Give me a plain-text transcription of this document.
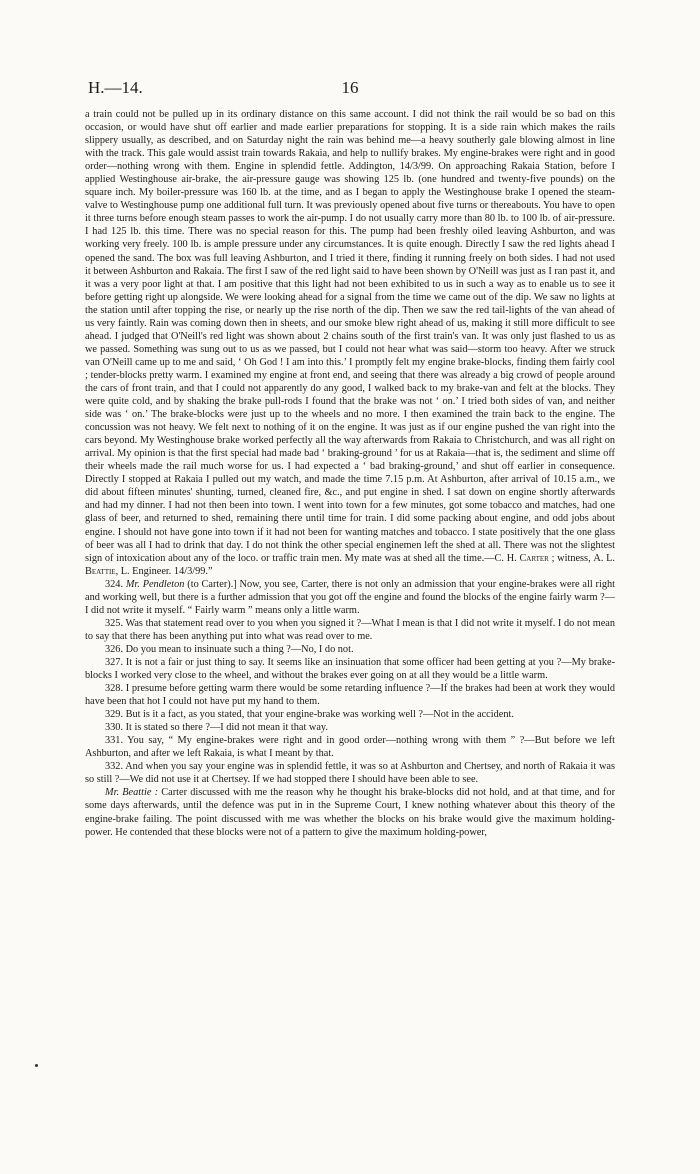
H.—14.	16

a train could not be pulled up in its ordinary distance on this same account. I did not think the rail would be so bad on this occasion, or would have shut off earlier and made earlier preparations for stopping. It is a side rain which makes the rails slippery usually, as described, and on Saturday night the rain was behind me—a heavy southerly gale blowing almost in line with the track. This gale would assist train towards Rakaia, and help to nullify brakes. My engine-brakes were right and in good order—nothing wrong with them. Engine in splendid fettle. Addington, 14/3/99. On approaching Rakaia Station, before I applied Westinghouse air-brake, the air-pressure gauge was showing 125 lb. (one hundred and twenty-five pounds) on the square inch. My boiler-pressure was 160 lb. at the time, and as I began to apply the Westinghouse brake I opened the steam-valve to Westinghouse pump one additional full turn. It was previously opened about five turns or thereabouts. You have to open it three turns before enough steam passes to work the air-pump. I do not usually carry more than 80 lb. to 100 lb. of air-pressure. I had 125 lb. this time. There was no special reason for this. The pump had been freshly oiled leaving Ashburton, and was working very freely. 100 lb. is ample pressure under any circumstances. It is quite enough. Directly I saw the red lights ahead I opened the sand. The box was full leaving Ashburton, and I tried it there, finding it running freely on both sides. I had not used it between Ashburton and Rakaia. The first I saw of the red light said to have been shown by O'Neill was just as I ran past it, and it was a very poor light at that. I am positive that this light had not been exhibited to us in such a way as to enable us to see it before getting right up alongside. We were looking ahead for a signal from the time we came out of the dip. We saw no lights at the station until after topping the rise, or nearly up the rise north of the dip. Then we saw the red tail-lights of the van ahead of us very faintly. Rain was coming down then in sheets, and our smoke blew right ahead of us, making it still more difficult to see ahead. I judged that O'Neill's red light was shown about 2 chains south of the first train's van. It was only just flashed to us as we passed. Something was sung out to us as we passed, but I could not hear what was said—storm too heavy. After we struck van O'Neill came up to me and said, ‘ Oh God ! I am into this.’ I promptly felt my engine brake-blocks, finding them fairly cool ; tender-blocks pretty warm. I examined my engine at front end, and seeing that there was already a big crowd of people around the cars of front train, and that I could not apparently do any good, I walked back to my brake-van and felt at the blocks. They were quite cold, and by shaking the brake pull-rods I found that the brake was not ‘ on.’ I tried both sides of van, and neither side was ‘ on.’ The brake-blocks were just up to the wheels and no more. I then examined the train back to the engine. The concussion was not heavy. We felt next to nothing of it on the engine. It was just as if our engine pushed the van right into the cars beyond. My Westinghouse brake worked perfectly all the way afterwards from Rakaia to Christchurch, and was all right on arrival. My opinion is that the first special had made bad ‘ braking-ground ’ for us at Rakaia—that is, the sediment and slime off their wheels made the rail much worse for us. I had expected a ‘ bad braking-ground,’ and shut off earlier in consequence. Directly I stopped at Rakaia I pulled out my watch, and made the time 7.15 p.m. At Ashburton, after arrival of 10.15 a.m., we did about fifteen minutes' shunting, turned, cleaned fire, &c., and put engine in shed. I sat down on engine shortly afterwards and had my dinner. I had not then been into town. I went into town for a few minutes, got some tobacco and matches, had one glass of beer, and returned to shed, remaining there until time for train. I did some packing about engine, and odd jobs about engine. I should not have gone into town if it had not been for wanting matches and tobacco. I state positively that the one glass of beer was all I had to drink that day. I do not think the other special enginemen left the shed at all. There was not the slightest sign of intoxication about any of the loco. or traffic train men. My mate was at shed all the time.—C. H. Carter ; witness, A. L. Beattie, L. Engineer. 14/3/99.”

324. Mr. Pendleton (to Carter).] Now, you see, Carter, there is not only an admission that your engine-brakes were all right and working well, but there is a further admission that you got off the engine and found the blocks of the engine fairly warm ?—I did not write it myself. “ Fairly warm ” means only a little warm.

325. Was that statement read over to you when you signed it ?—What I mean is that I did not write it myself. I do not mean to say that there has been anything put into what was read over to me.

326. Do you mean to insinuate such a thing ?—No, I do not.

327. It is not a fair or just thing to say. It seems like an insinuation that some officer had been getting at you ?—My brake-blocks I worked very close to the wheel, and without the brakes ever going on at all they would be a little warm.

328. I presume before getting warm there would be some retarding influence ?—If the brakes had been at work they would have been that hot I could not have put my hand to them.

329. But is it a fact, as you stated, that your engine-brake was working well ?—Not in the accident.

330. It is stated so there ?—I did not mean it that way.

331. You say, “ My engine-brakes were right and in good order—nothing wrong with them ” ?—But before we left Ashburton, and after we left Rakaia, is what I meant by that.

332. And when you say your engine was in splendid fettle, it was so at Ashburton and Chertsey, and north of Rakaia it was so still ?—We did not use it at Chertsey. If we had stopped there I should have been able to see.

Mr. Beattie : Carter discussed with me the reason why he thought his brake-blocks did not hold, and at that time, and for some days afterwards, until the defence was put in in the Supreme Court, I knew nothing whatever about this theory of the engine-brake failing. The point discussed with me was whether the blocks on his brake would give the maximum holding-power. He contended that these blocks were not of a pattern to give the maximum holding-power,
